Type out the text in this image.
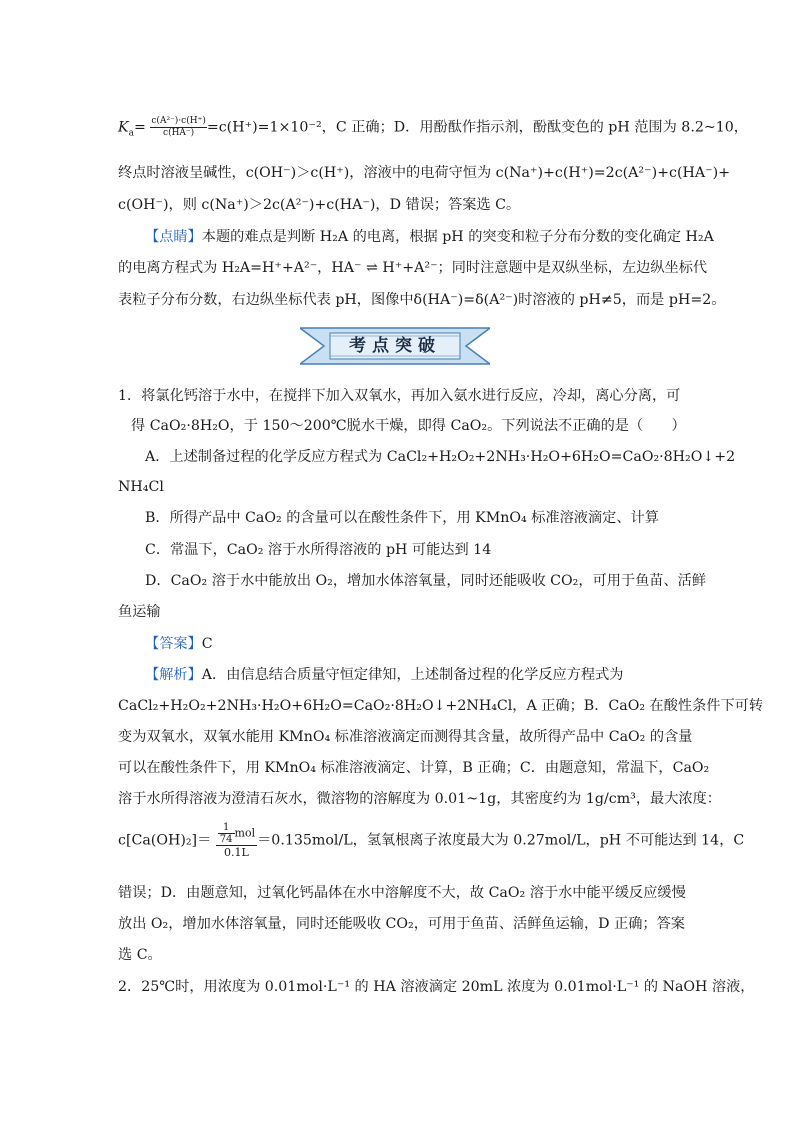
$K_a= \frac{\text{c(A²⁻)·c(H⁺)}}{c(HA^-)} =c(H^+)=1\times 10^{-2}$，C 正确；D．用酚酞作指示剂，酚酞变色的 pH 范围为 8.2~10，
终点时溶液呈碱性，c(OH⁻)＞c(H⁺)，溶液中的电荷守恒为 c(Na⁺)+c(H⁺)=2c(A²⁻)+c(HA⁻)+
c(OH⁻)，则 c(Na⁺)＞2c(A²⁻)+c(HA⁻)，D 错误；答案选 C。
【点睛】本题的难点是判断 H₂A 的电离，根据 pH 的突变和粒子分布分数的变化确定 H₂A
的电离方程式为 H₂A=H⁺+A²⁻，HA⁻ ⇌ H⁺+A²⁻；同时注意题中是双纵坐标，左边纵坐标代
表粒子分布分数，右边纵坐标代表 pH，图像中δ(HA⁻)=δ(A²⁻)时溶液的 pH≠5，而是 pH=2。
考点突破
1．将氯化钙溶于水中，在搅拌下加入双氧水，再加入氨水进行反应，冷却，离心分离，可
得 CaO₂·8H₂O，于 150～200℃脱水干燥，即得 CaO₂。下列说法不正确的是（　　）
A．上述制备过程的化学反应方程式为 CaCl₂+H₂O₂+2NH₃·H₂O+6H₂O=CaO₂·8H₂O↓+2
NH₄Cl
B．所得产品中 CaO₂ 的含量可以在酸性条件下，用 KMnO₄ 标准溶液滴定、计算
C．常温下，CaO₂ 溶于水所得溶液的 pH 可能达到 14
D．CaO₂ 溶于水中能放出 O₂，增加水体溶氧量，同时还能吸收 CO₂，可用于鱼苗、活鲜
鱼运输
【答案】C
【解析】A．由信息结合质量守恒定律知，上述制备过程的化学反应方程式为
CaCl₂+H₂O₂+2NH₃·H₂O+6H₂O=CaO₂·8H₂O↓+2NH₄Cl，A 正确；B．CaO₂ 在酸性条件下可转
变为双氧水，双氧水能用 KMnO₄ 标准溶液滴定而测得其含量，故所得产品中 CaO₂ 的含量
可以在酸性条件下，用 KMnO₄ 标准溶液滴定、计算，B 正确；C．由题意知，常温下，CaO₂
溶于水所得溶液为澄清石灰水，微溶物的溶解度为 0.01~1g，其密度约为 1g/cm³，最大浓度：
$c[Ca(OH)_2]= \frac{1}{74}$ mol
0.1L
＝0.135mol/L，氢氧根离子浓度最大为 0.27mol/L，pH 不可能达到 14，C
错误；D．由题意知，过氧化钙晶体在水中溶解度不大，故 CaO₂ 溶于水中能平缓反应缓慢
放出 O₂，增加水体溶氧量，同时还能吸收 CO₂，可用于鱼苗、活鲜鱼运输，D 正确；答案
选 C。
2．25℃时，用浓度为 0.01mol·L⁻¹ 的 HA 溶液滴定 20mL 浓度为 0.01mol·L⁻¹ 的 NaOH 溶液，
